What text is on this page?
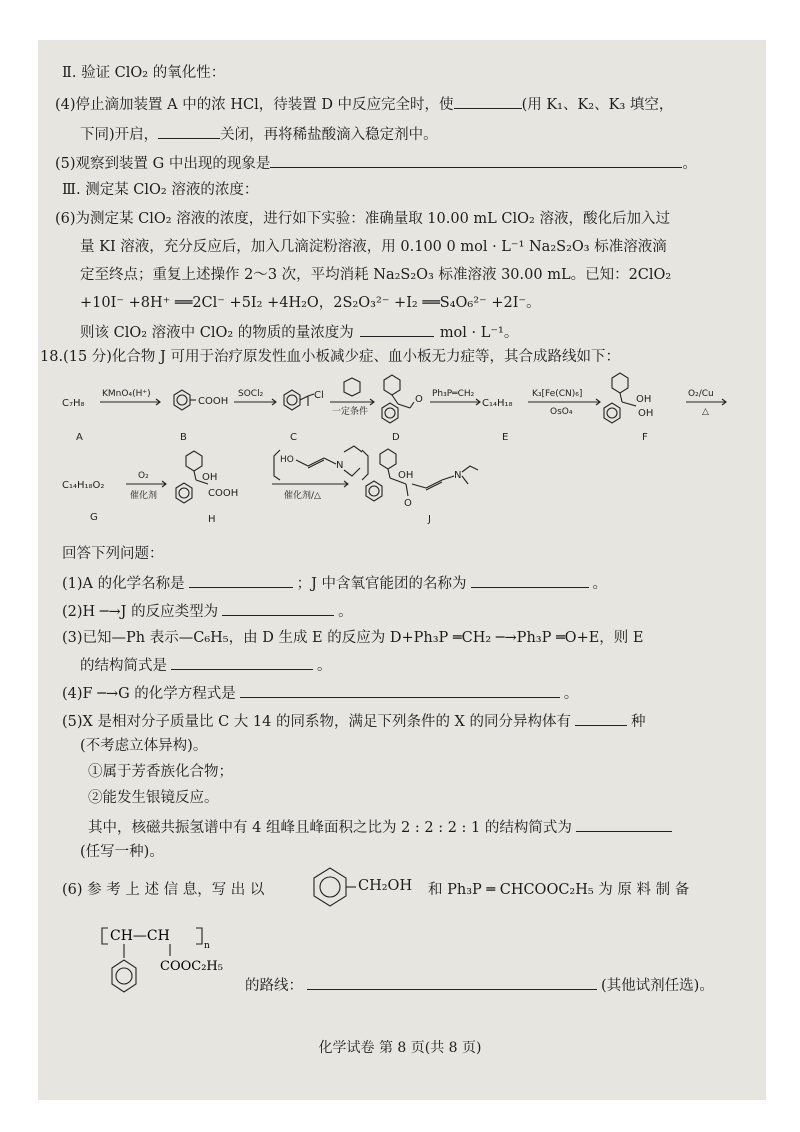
Ⅱ. 验证 ClO₂ 的氧化性：
(4)停止滴加装置 A 中的浓 HCl，待装置 D 中反应完全时，使	(用 K₁、K₂、K₃ 填空，
下同)开启，	关闭，再将稀盐酸滴入稳定剂中。
(5)观察到装置 G 中出现的现象是	。
Ⅲ. 测定某 ClO₂ 溶液的浓度：
(6)为测定某 ClO₂ 溶液的浓度，进行如下实验：准确量取 10.00 mL ClO₂ 溶液，酸化后加入过
量 KI 溶液，充分反应后，加入几滴淀粉溶液，用 0.100 0 mol · L⁻¹ Na₂S₂O₃ 标准溶液滴
定至终点；重复上述操作 2～3 次，平均消耗 Na₂S₂O₃ 标准溶液 30.00 mL。已知：2ClO₂
+10I⁻ +8H⁺ ══2Cl⁻ +5I₂ +4H₂O，2S₂O₃²⁻ +I₂ ══S₄O₆²⁻ +2I⁻。
则该 ClO₂ 溶液中 ClO₂ 的物质的量浓度为	mol · L⁻¹。
18.(15 分)化合物 J 可用于治疗原发性血小板减少症、血小板无力症等，其合成路线如下：
C₇H₈
A
KMnO₄(H⁺)
COOH
B
SOCl₂	Cl
C
一定条件
O
D
Ph₃P═CH₂
C₁₄H₁₈
E
K₃[Fe(CN)₆]
OsO₄
OH
OH
F
O₂/Cu
△
C₁₄H₁₈O₂
G
O₂
催化剂
OH
COOH
H
HO	N
催化剂/△
OH
O
N
J
回答下列问题：
(1)A 的化学名称是	；J 中含氧官能团的名称为	。
(2)H ─→J 的反应类型为	。
(3)已知—Ph 表示—C₆H₅，由 D 生成 E 的反应为 D+Ph₃P ═CH₂ ─→Ph₃P ═O+E，则 E
的结构简式是	。
(4)F ─→G 的化学方程式是	。
(5)X 是相对分子质量比 C 大 14 的同系物，满足下列条件的 X 的同分异构体有	种
(不考虑立体异构)。
①属于芳香族化合物；
②能发生银镜反应。
其中，核磁共振氢谱中有 4 组峰且峰面积之比为 2 : 2 : 2 : 1 的结构简式为
(任写一种)。
(6) 参 考 上 述 信 息，写 出 以	CH₂OH 和 Ph₃P ═ CHCOOC₂H₅ 为 原 料 制 备
CH—CH
n
COOC₂H₅
的路线：	(其他试剂任选)。
化学试卷 第 8 页(共 8 页)
